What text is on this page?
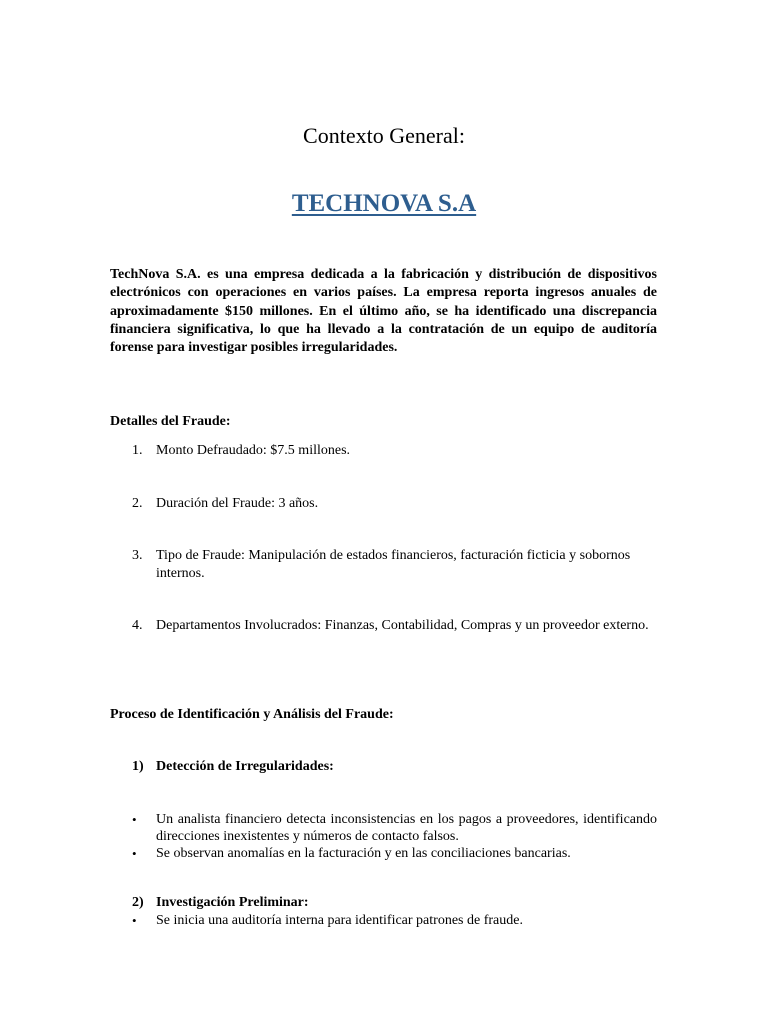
Contexto General:
TECHNOVA S.A

TechNova S.A. es una empresa dedicada a la fabricación y distribución de dispositivos electrónicos con operaciones en varios países. La empresa reporta ingresos anuales de aproximadamente $150 millones. En el último año, se ha identificado una discrepancia financiera significativa, lo que ha llevado a la contratación de un equipo de auditoría forense para investigar posibles irregularidades.

Detalles del Fraude:
1. Monto Defraudado: $7.5 millones.
2. Duración del Fraude: 3 años.
3. Tipo de Fraude: Manipulación de estados financieros, facturación ficticia y sobornos internos.
4. Departamentos Involucrados: Finanzas, Contabilidad, Compras y un proveedor externo.
Proceso de Identificación y Análisis del Fraude:
1) Detección de Irregularidades:
• Un analista financiero detecta inconsistencias en los pagos a proveedores, identificando direcciones inexistentes y números de contacto falsos.
• Se observan anomalías en la facturación y en las conciliaciones bancarias.
2) Investigación Preliminar:
• Se inicia una auditoría interna para identificar patrones de fraude.
